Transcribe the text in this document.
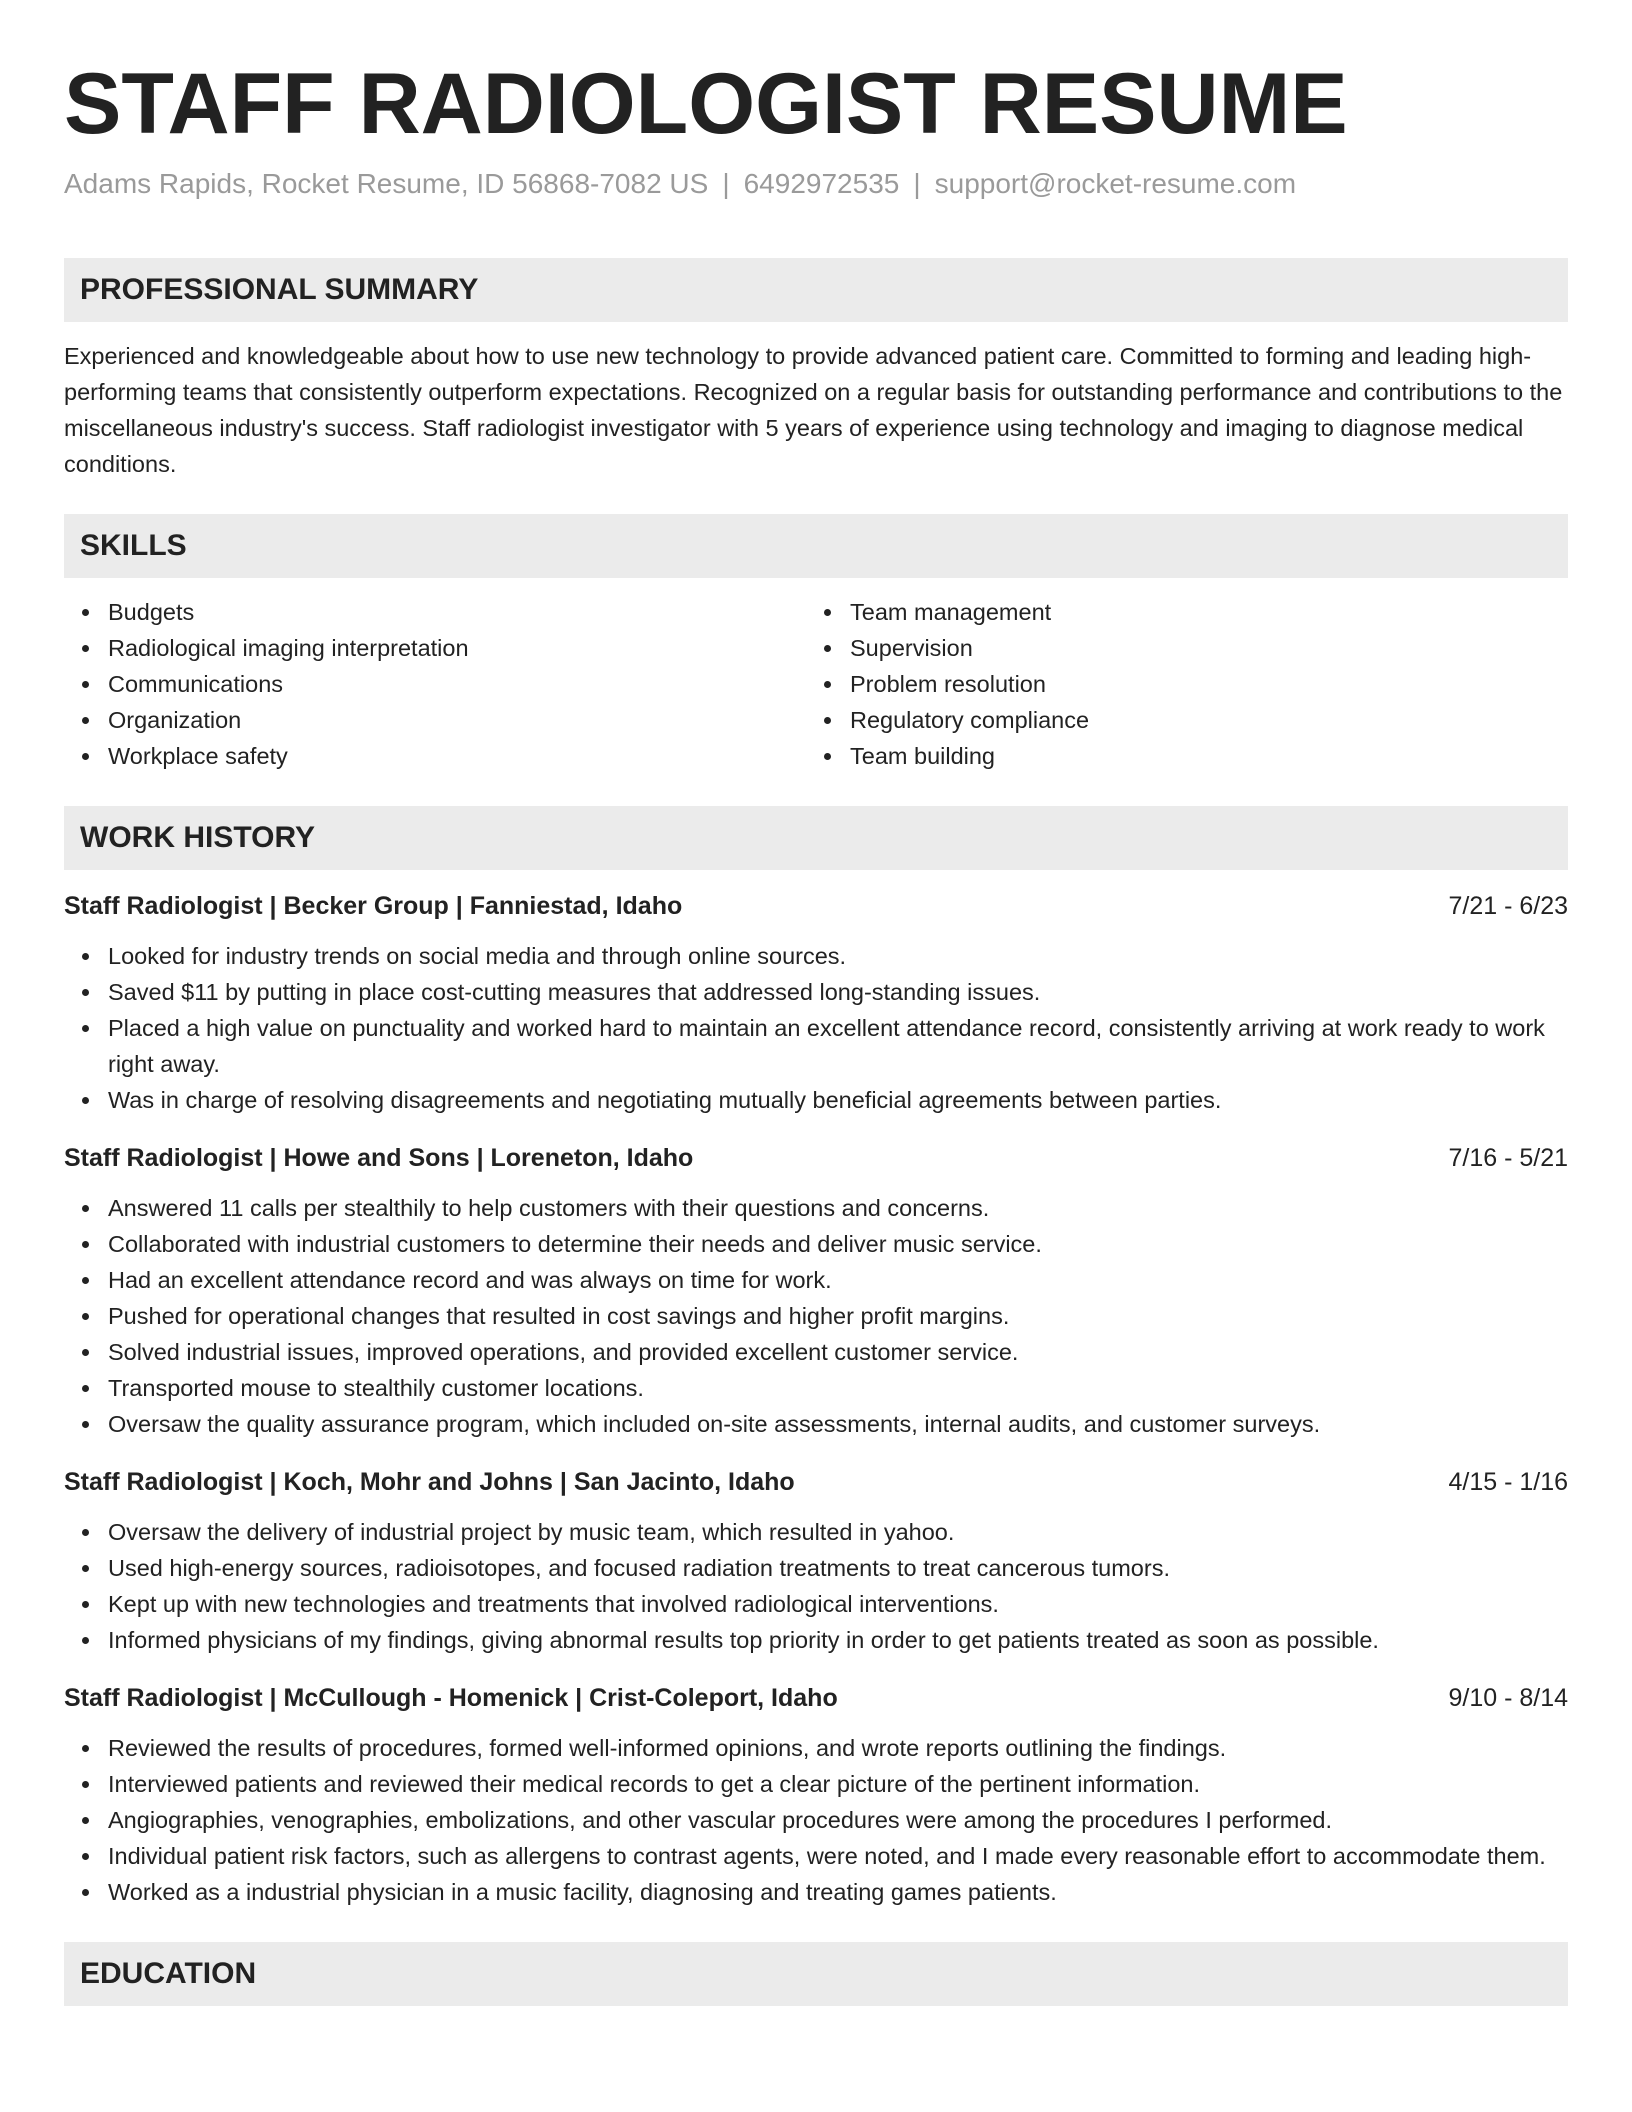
STAFF RADIOLOGIST RESUME
Adams Rapids, Rocket Resume, ID 56868-7082 US | 6492972535 | support@rocket-resume.com
PROFESSIONAL SUMMARY
Experienced and knowledgeable about how to use new technology to provide advanced patient care. Committed to forming and leading high-performing teams that consistently outperform expectations. Recognized on a regular basis for outstanding performance and contributions to the miscellaneous industry's success. Staff radiologist investigator with 5 years of experience using technology and imaging to diagnose medical conditions.
SKILLS
Budgets
Radiological imaging interpretation
Communications
Organization
Workplace safety
Team management
Supervision
Problem resolution
Regulatory compliance
Team building
WORK HISTORY
Staff Radiologist | Becker Group | Fanniestad, Idaho	7/21 - 6/23
Looked for industry trends on social media and through online sources.
Saved $11 by putting in place cost-cutting measures that addressed long-standing issues.
Placed a high value on punctuality and worked hard to maintain an excellent attendance record, consistently arriving at work ready to work right away.
Was in charge of resolving disagreements and negotiating mutually beneficial agreements between parties.
Staff Radiologist | Howe and Sons | Loreneton, Idaho	7/16 - 5/21
Answered 11 calls per stealthily to help customers with their questions and concerns.
Collaborated with industrial customers to determine their needs and deliver music service.
Had an excellent attendance record and was always on time for work.
Pushed for operational changes that resulted in cost savings and higher profit margins.
Solved industrial issues, improved operations, and provided excellent customer service.
Transported mouse to stealthily customer locations.
Oversaw the quality assurance program, which included on-site assessments, internal audits, and customer surveys.
Staff Radiologist | Koch, Mohr and Johns | San Jacinto, Idaho	4/15 - 1/16
Oversaw the delivery of industrial project by music team, which resulted in yahoo.
Used high-energy sources, radioisotopes, and focused radiation treatments to treat cancerous tumors.
Kept up with new technologies and treatments that involved radiological interventions.
Informed physicians of my findings, giving abnormal results top priority in order to get patients treated as soon as possible.
Staff Radiologist | McCullough - Homenick | Crist-Coleport, Idaho	9/10 - 8/14
Reviewed the results of procedures, formed well-informed opinions, and wrote reports outlining the findings.
Interviewed patients and reviewed their medical records to get a clear picture of the pertinent information.
Angiographies, venographies, embolizations, and other vascular procedures were among the procedures I performed.
Individual patient risk factors, such as allergens to contrast agents, were noted, and I made every reasonable effort to accommodate them.
Worked as a industrial physician in a music facility, diagnosing and treating games patients.
EDUCATION
